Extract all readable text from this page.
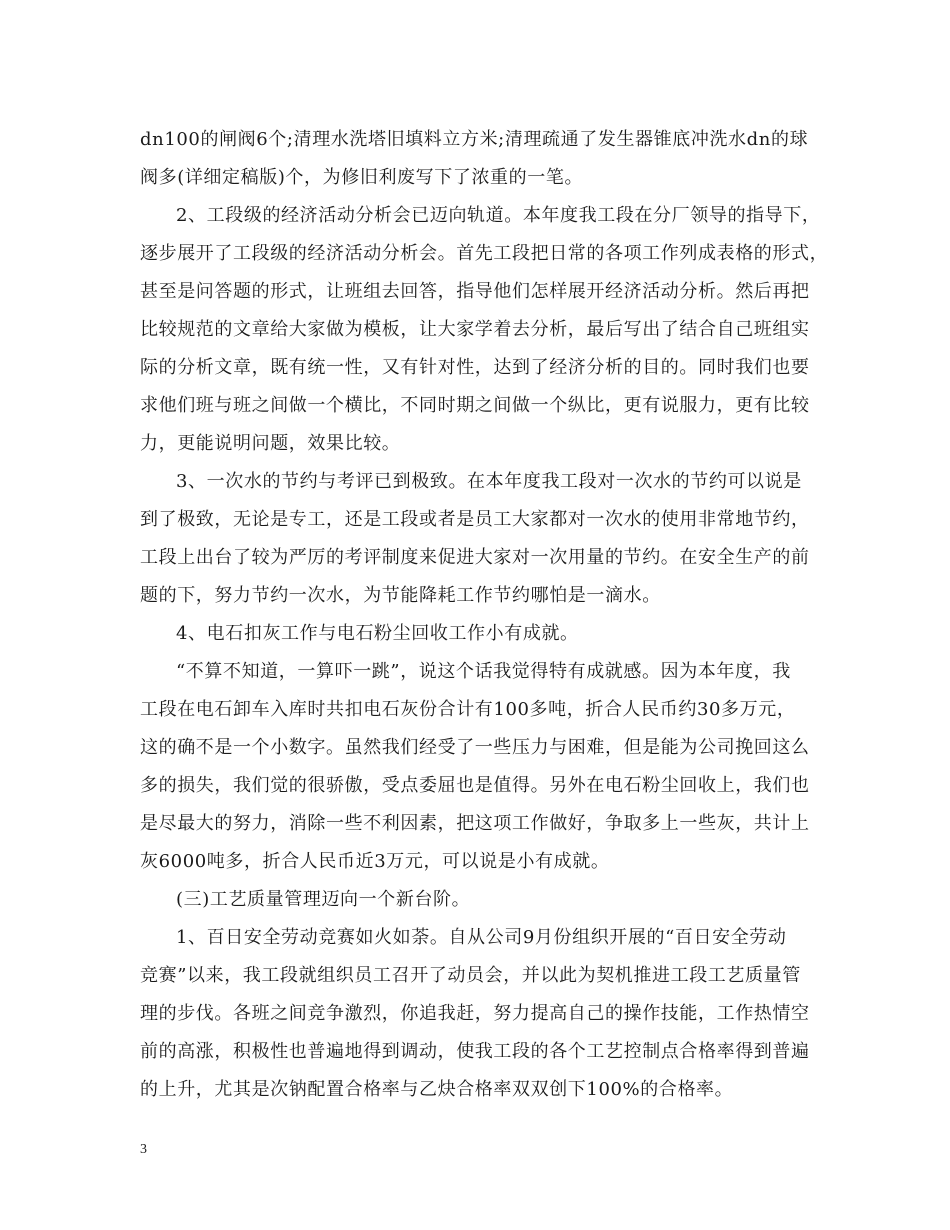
dn100的闸阀6个;清理水洗塔旧填料立方米;清理疏通了发生器锥底冲洗水dn的球
阀多(详细定稿版)个，为修旧利废写下了浓重的一笔。
2、工段级的经济活动分析会已迈向轨道。本年度我工段在分厂领导的指导下，
逐步展开了工段级的经济活动分析会。首先工段把日常的各项工作列成表格的形式，
甚至是问答题的形式，让班组去回答，指导他们怎样展开经济活动分析。然后再把
比较规范的文章给大家做为模板，让大家学着去分析，最后写出了结合自己班组实
际的分析文章，既有统一性，又有针对性，达到了经济分析的目的。同时我们也要
求他们班与班之间做一个横比，不同时期之间做一个纵比，更有说服力，更有比较
力，更能说明问题，效果比较。
3、一次水的节约与考评已到极致。在本年度我工段对一次水的节约可以说是
到了极致，无论是专工，还是工段或者是员工大家都对一次水的使用非常地节约，
工段上出台了较为严厉的考评制度来促进大家对一次用量的节约。在安全生产的前
题的下，努力节约一次水，为节能降耗工作节约哪怕是一滴水。
4、电石扣灰工作与电石粉尘回收工作小有成就。
“不算不知道，一算吓一跳”，说这个话我觉得特有成就感。因为本年度，我
工段在电石卸车入库时共扣电石灰份合计有100多吨，折合人民币约30多万元，
这的确不是一个小数字。虽然我们经受了一些压力与困难，但是能为公司挽回这么
多的损失，我们觉的很骄傲，受点委屈也是值得。另外在电石粉尘回收上，我们也
是尽最大的努力，消除一些不利因素，把这项工作做好，争取多上一些灰，共计上
灰6000吨多，折合人民币近3万元，可以说是小有成就。
(三)工艺质量管理迈向一个新台阶。
1、百日安全劳动竞赛如火如荼。自从公司9月份组织开展的“百日安全劳动
竞赛”以来，我工段就组织员工召开了动员会，并以此为契机推进工段工艺质量管
理的步伐。各班之间竞争激烈，你追我赶，努力提高自己的操作技能，工作热情空
前的高涨，积极性也普遍地得到调动，使我工段的各个工艺控制点合格率得到普遍
的上升，尤其是次钠配置合格率与乙炔合格率双双创下100%的合格率。
3
